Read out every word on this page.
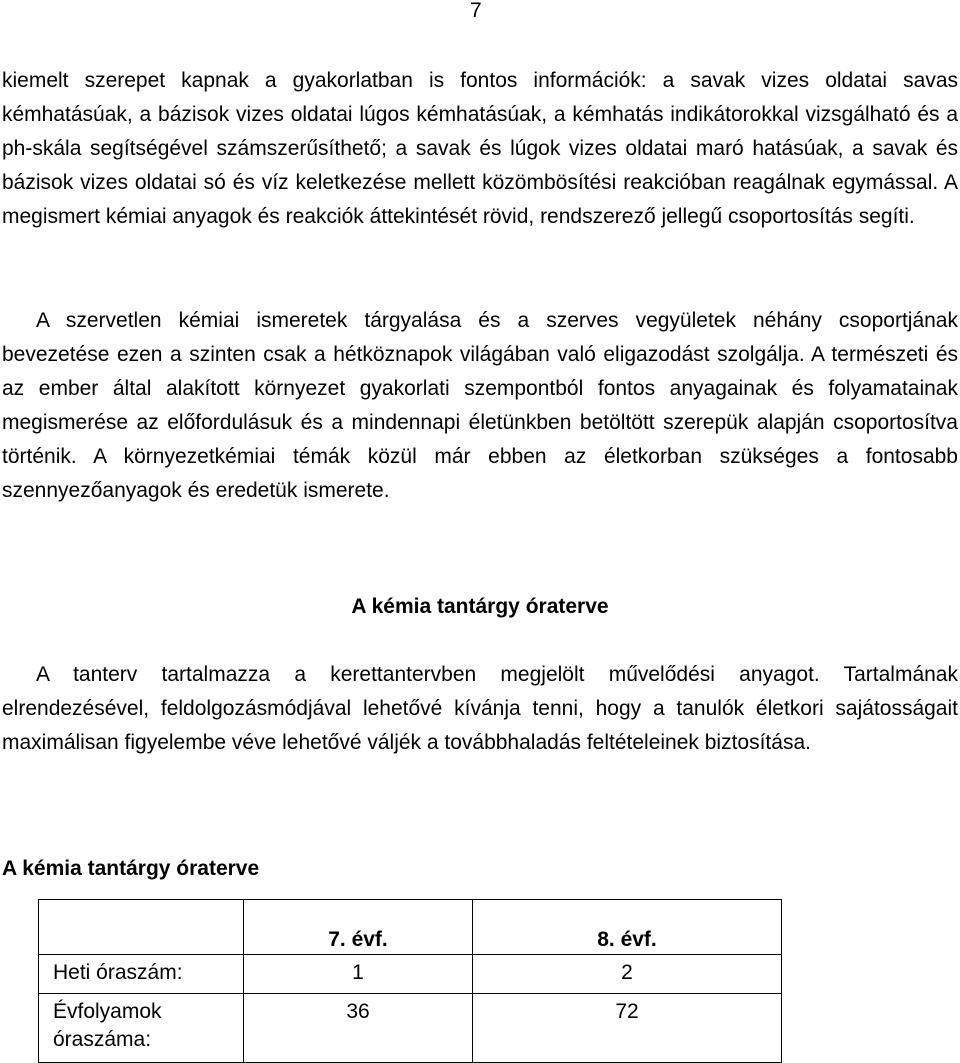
7

kiemelt szerepet kapnak a gyakorlatban is fontos információk: a savak vizes oldatai savas kémhatásúak, a bázisok vizes oldatai lúgos kémhatásúak, a kémhatás indikátorokkal vizsgálható és a ph-skála segítségével számszerűsíthető; a savak és lúgok vizes oldatai maró hatásúak, a savak és bázisok vizes oldatai só és víz keletkezése mellett közömbösítési reakcióban reagálnak egymással. A megismert kémiai anyagok és reakciók áttekintését rövid, rendszerező jellegű csoportosítás segíti.

A szervetlen kémiai ismeretek tárgyalása és a szerves vegyületek néhány csoportjának bevezetése ezen a szinten csak a hétköznapok világában való eligazodást szolgálja. A természeti és az ember által alakított környezet gyakorlati szempontból fontos anyagainak és folyamatainak megismerése az előfordulásuk és a mindennapi életünkben betöltött szerepük alapján csoportosítva történik. A környezetkémiai témák közül már ebben az életkorban szükséges a fontosabb szennyezőanyagok és eredetük ismerete.

A kémia tantárgy óraterve

A tanterv tartalmazza a kerettantervben megjelölt művelődési anyagot. Tartalmának elrendezésével, feldolgozásmódjával lehetővé kívánja tenni, hogy a tanulók életkori sajátosságait maximálisan figyelembe véve lehetővé váljék a továbbhaladás feltételeinek biztosítása.

A kémia tantárgy óraterve
	7. évf.	8. évf.
Heti óraszám:	1	2
Évfolyamok óraszáma:	36	72
